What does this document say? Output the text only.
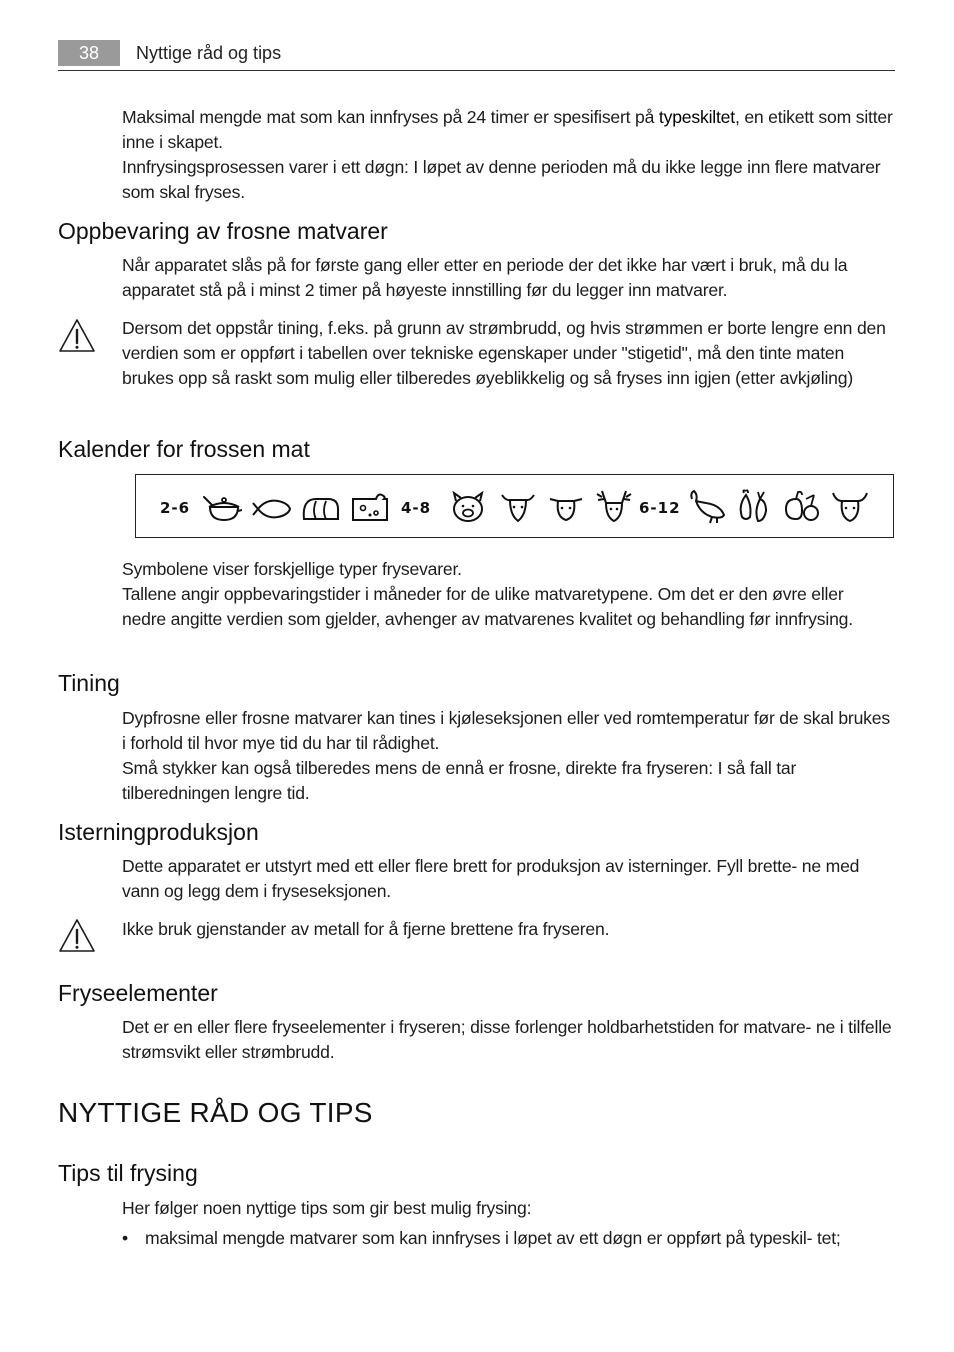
38	Nyttige råd og tips

Maksimal mengde mat som kan innfryses på 24 timer er spesifisert på typeskiltet, en etikett som sitter inne i skapet.

Innfrysingsprosessen varer i ett døgn: I løpet av denne perioden må du ikke legge inn flere matvarer som skal fryses.

Oppbevaring av frosne matvarer
Når apparatet slås på for første gang eller etter en periode der det ikke har vært i bruk, må du la apparatet stå på i minst 2 timer på høyeste innstilling før du legger inn matvarer.
Dersom det oppstår tining, f.eks. på grunn av strømbrudd, og hvis strømmen er borte lengre enn den verdien som er oppført i tabellen over tekniske egenskaper under "stigetid", må den tinte maten brukes opp så raskt som mulig eller tilberedes øyeblikkelig og så fryses inn igjen (etter avkjøling)
Kalender for frossen mat
2-6	4-8	6-12

Symbolene viser forskjellige typer frysevarer.

Tallene angir oppbevaringstider i måneder for de ulike matvaretypene. Om det er den øvre eller nedre angitte verdien som gjelder, avhenger av matvarenes kvalitet og behandling før innfrysing.

Tining

Dypfrosne eller frosne matvarer kan tines i kjøleseksjonen eller ved romtemperatur før de skal brukes i forhold til hvor mye tid du har til rådighet.

Små stykker kan også tilberedes mens de ennå er frosne, direkte fra fryseren: I så fall tar tilberedningen lengre tid.

Isterningproduksjon
Dette apparatet er utstyrt med ett eller flere brett for produksjon av isterninger. Fyll brette- ne med vann og legg dem i fryseseksjonen.
Ikke bruk gjenstander av metall for å fjerne brettene fra fryseren.
Fryseelementer
Det er en eller flere fryseelementer i fryseren; disse forlenger holdbarhetstiden for matvare- ne i tilfelle strømsvikt eller strømbrudd.
NYTTIGE RÅD OG TIPS
Tips til frysing
Her følger noen nyttige tips som gir best mulig frysing:
• maksimal mengde matvarer som kan innfryses i løpet av ett døgn er oppført på typeskil- tet;
